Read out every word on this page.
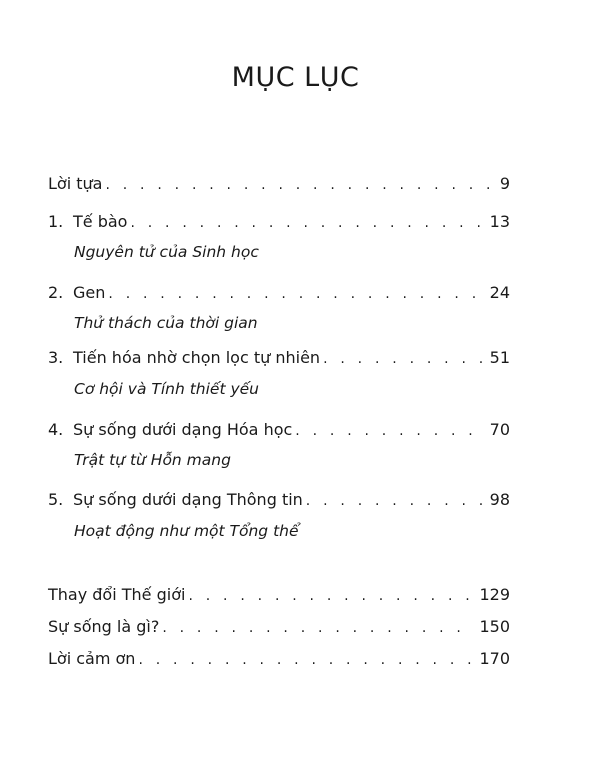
MỤC LỤC
Lời tựa . . .	9
1. Tế bào . . .	13
Nguyên tử của Sinh học
2. Gen . . .	24
Thử thách của thời gian
3. Tiến hóa nhờ chọn lọc tự nhiên . . .	51
Cơ hội và Tính thiết yếu
4. Sự sống dưới dạng Hóa học . . .	70
Trật tự từ Hỗn mang
5. Sự sống dưới dạng Thông tin . . .	98
Hoạt động như một Tổng thể
Thay đổi Thế giới . . .	129
Sự sống là gì? . . .	150
Lời cảm ơn . . .	170
